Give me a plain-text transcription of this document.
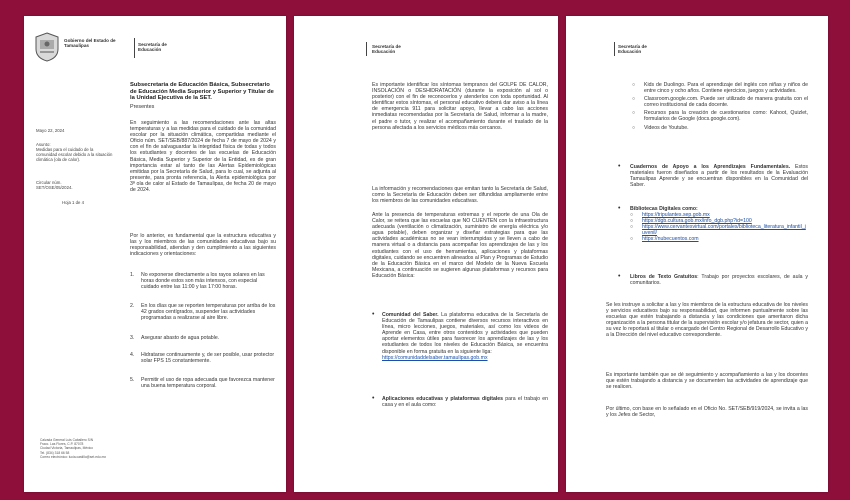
Gobierno del Estado de Tamaulipas	Secretaría de Educación
Subsecretaria de Educación Básica, Subsecretario de Educación Media Superior y Superior y Titular de la Unidad Ejecutiva de la SET.
Presentes
Mayo 22, 2024
Asunto:
Medidas para el cuidado de la comunidad escolar debido a la situación climática (ola de calor).
Circular núm.
SET/OSE/05/2024.
Hoja 1 de 4
En seguimiento a las recomendaciones ante las altas temperaturas y a las medidas para el cuidado de la comunidad escolar por la situación climática, compartidas mediante el Oficio núm. SET/SEB/887/2024 de fecha 7 de mayo de 2024 y con el fin de salvaguardar la integridad física de todas y todos los estudiantes y docentes de las escuelas de Educación Básica, Media Superior y Superior de la Entidad, es de gran importancia estar al tanto de las Alertas Epidemiológicas emitidas por la Secretaría de Salud, para lo cual, se adjunta al presente, para pronta referencia, la Alerta epidemiológica por 3ª ola de calor al Estado de Tamaulipas, de fecha 20 de mayo de 2024.
Por lo anterior, es fundamental que la estructura educativa y las y los miembros de las comunidades educativas bajo su responsabilidad, atiendan y den cumplimiento a las siguientes indicaciones y orientaciones:
1. No exponerse directamente a los rayos solares en las horas donde estos son más intensos, con especial cuidado entre las 11:00 y las 17:00 horas.
2. En los días que se reporten temperaturas por arriba de los 42 grados centígrados, suspender las actividades programadas a realizarse al aire libre.
3. Asegurar abasto de agua potable.
4. Hidratarse continuamente y, de ser posible, usar protector solar FPS 15 constantemente.
5. Permitir el uso de ropa adecuada que favorezca mantener una buena temperatura corporal.
Calzada General Luis Caballero S/N
Fracc. Las Flores, C.P. 87078
Ciudad Victoria, Tamaulipas, México
Tel. (834) 318 66 58
Correo electrónico: lucia.castillo@set.edu.mx
Secretaría de Educación
Es importante identificar los síntomas tempranos del GOLPE DE CALOR, INSOLACIÓN o DESHIDRATACIÓN (durante la exposición al sol o posterior) con el fin de reconocerlos y atenderlos con toda oportunidad. Al identificar estos síntomas, el personal educativo deberá dar aviso a la línea de emergencia 911 para solicitar apoyo, llevar a cabo las acciones inmediatas recomendadas por la Secretaría de Salud, informar a la madre, el padre o tutor, y realizar el acompañamiento durante el traslado de la persona afectada a los servicios médicos más cercanos.
La información y recomendaciones que emitan tanto la Secretaría de Salud, como la Secretaría de Educación deben ser difundidas ampliamente entre los miembros de las comunidades educativas.
Ante la presencia de temperaturas extremas y el reporte de una Ola de Calor, se reitera que las escuelas que NO CUENTEN con la infraestructura adecuada (ventilación o climatización, suministro de energía eléctrica y/o agua potable), deben organizar y diseñar estrategias para que las actividades académicas no se vean interrumpidas y se lleven a cabo de manera virtual o a distancia para acompañar los aprendizajes de las y los estudiantes con el uso de herramientas, aplicaciones y plataformas digitales, cuidando se encuentren alineados al Plan y Programas de Estudio de la Educación Básica en el marco del Modelo de la Nueva Escuela Mexicana, a continuación se sugieren algunas plataformas y recursos para Educación Básica:
• Comunidad del Saber. La plataforma educativa de la Secretaría de Educación de Tamaulipas contiene diversos recursos interactivos en línea, micro lecciones, juegos, materiales, así como los videos de Aprende en Casa, entre otros contenidos y actividades que pueden aportar elementos útiles para favorecer los aprendizajes de las y los estudiantes de todos los niveles de Educación Básica, se encuentra disponible en forma gratuita en la siguiente liga:
https://comunidaddelsaber.tamaulipas.gob.mx
• Aplicaciones educativas y plataformas digitales para el trabajo en casa y en el aula como:
Secretaría de Educación
○ Kids de Duolingo. Para el aprendizaje del inglés con niñas y niños de entre cinco y ocho años. Contiene ejercicios, juegos y actividades.
○ Classroom.google.com. Puede ser utilizado de manera gratuita con el correo institucional de cada docente.
○ Recursos para la creación de cuestionarios como: Kahoot, Quizlet, formularios de Google (docs.google.com).
○ Videos de Youtube.
• Cuadernos de Apoyo a los Aprendizajes Fundamentales. Estos materiales fueron diseñados a partir de los resultados de la Evaluación Tamaulipas Aprende y se encuentran disponibles en la Comunidad del Saber.
• Bibliotecas Digitales como:
○ https://tripulantes.sep.gob.mx
○ https://dgb.cultura.gob.mx/info_dgb.php?id=100
○ https://www.cervantesvirtual.com/portales/biblioteca_literatura_infantil_juvenil/
○ https://nubecuentos.com
• Libros de Texto Gratuitos: Trabajo por proyectos escolares, de aula y comunitarios.
Se les instruye a solicitar a las y los miembros de la estructura educativa de los niveles y servicios educativos bajo su responsabilidad, que informen puntualmente sobre las escuelas que estén trabajando a distancia y las condiciones que ameritaron dicha organización a la persona titular de la supervisión escolar y/o jefatura de sector, quien a su vez lo reportará al titular o encargado del Centro Regional de Desarrollo Educativo y a la Dirección del nivel educativo correspondiente.
Es importante también que se dé seguimiento y acompañamiento a las y los docentes que estén trabajando a distancia y se documenten las actividades de aprendizaje que se realicen.
Por último, con base en lo señalado en el Oficio No. SET/SEB/919/2024, se invita a las y los Jefes de Sector,
